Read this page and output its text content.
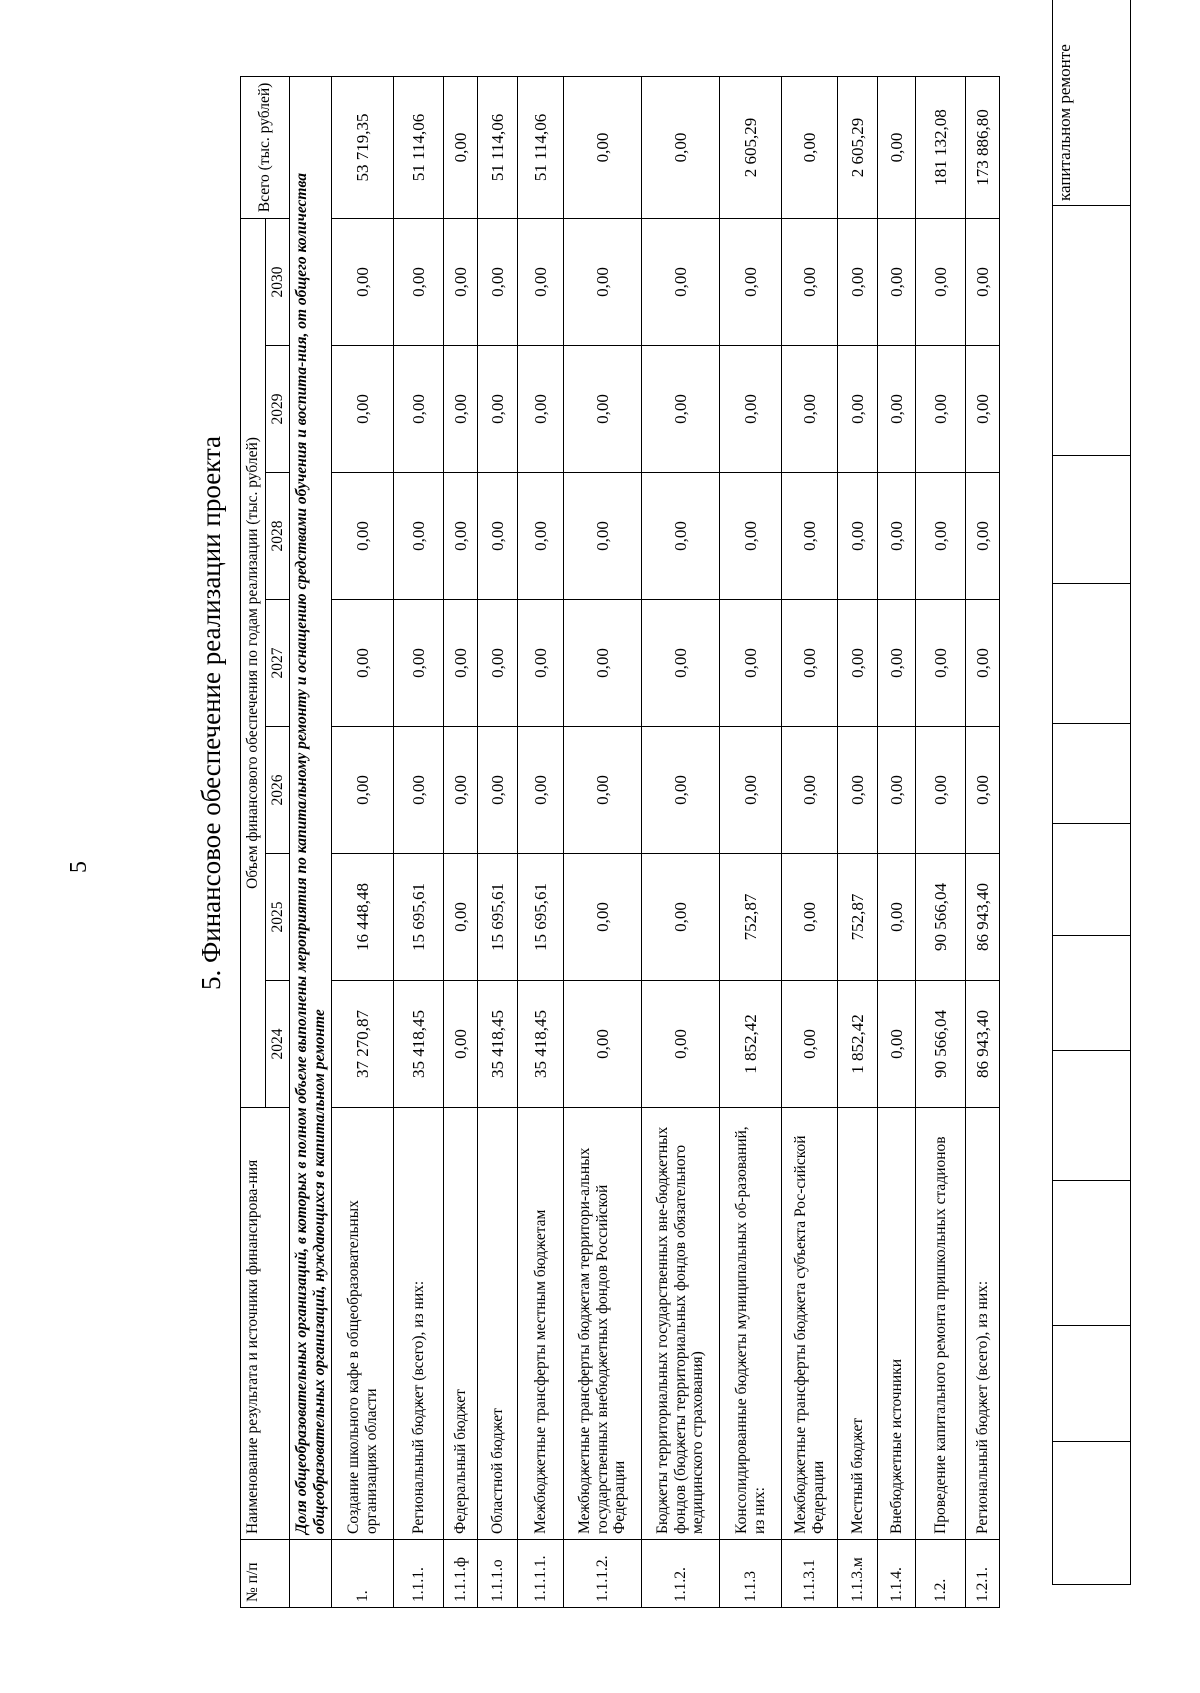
5
										капитальном ремонте
5. Финансовое обеспечение реализации проекта
№ п/п	Наименование результата и источники финансирова-ния	Объем финансового обеспечения по годам реализации (тыс. рублей)							Всего (тыс. рублей)
		2024	2025	2026	2027	2028	2029	2030	
	Доля общеобразовательных организаций, в которых в полном объеме выполнены мероприятия по капитальному ремонту и оснащению средствами обучения и воспита-ния, от общего количества общеобразовательных организаций, нуждающихся в капитальном ремонте								
1.	Создание школьного кафе в общеобразовательных организациях области	37 270,87	16 448,48	0,00	0,00	0,00	0,00	0,00	53 719,35
1.1.1.	Региональный бюджет (всего), из них:	35 418,45	15 695,61	0,00	0,00	0,00	0,00	0,00	51 114,06
1.1.1.ф	Федеральный бюджет	0,00	0,00	0,00	0,00	0,00	0,00	0,00	0,00
1.1.1.о	Областной бюджет	35 418,45	15 695,61	0,00	0,00	0,00	0,00	0,00	51 114,06
1.1.1.1.	Межбюджетные трансферты местным бюджетам	35 418,45	15 695,61	0,00	0,00	0,00	0,00	0,00	51 114,06
1.1.1.2.	Межбюджетные трансферты бюджетам территори-альных государственных внебюджетных фондов Российской Федерации	0,00	0,00	0,00	0,00	0,00	0,00	0,00	0,00
1.1.2.	Бюджеты территориальных государственных вне-бюджетных фондов (бюджеты территориальных фондов обязательного медицинского страхования)	0,00	0,00	0,00	0,00	0,00	0,00	0,00	0,00
1.1.3	Консолидированные бюджеты муниципальных об-разований, из них:	1 852,42	752,87	0,00	0,00	0,00	0,00	0,00	2 605,29
1.1.3.1	Межбюджетные трансферты бюджета субъекта Рос-сийской Федерации	0,00	0,00	0,00	0,00	0,00	0,00	0,00	0,00
1.1.3.м	Местный бюджет	1 852,42	752,87	0,00	0,00	0,00	0,00	0,00	2 605,29
1.1.4.	Внебюджетные источники	0,00	0,00	0,00	0,00	0,00	0,00	0,00	0,00
1.2.	Проведение капитального ремонта пришкольных стадионов	90 566,04	90 566,04	0,00	0,00	0,00	0,00	0,00	181 132,08
1.2.1.	Региональный бюджет (всего), из них:	86 943,40	86 943,40	0,00	0,00	0,00	0,00	0,00	173 886,80
